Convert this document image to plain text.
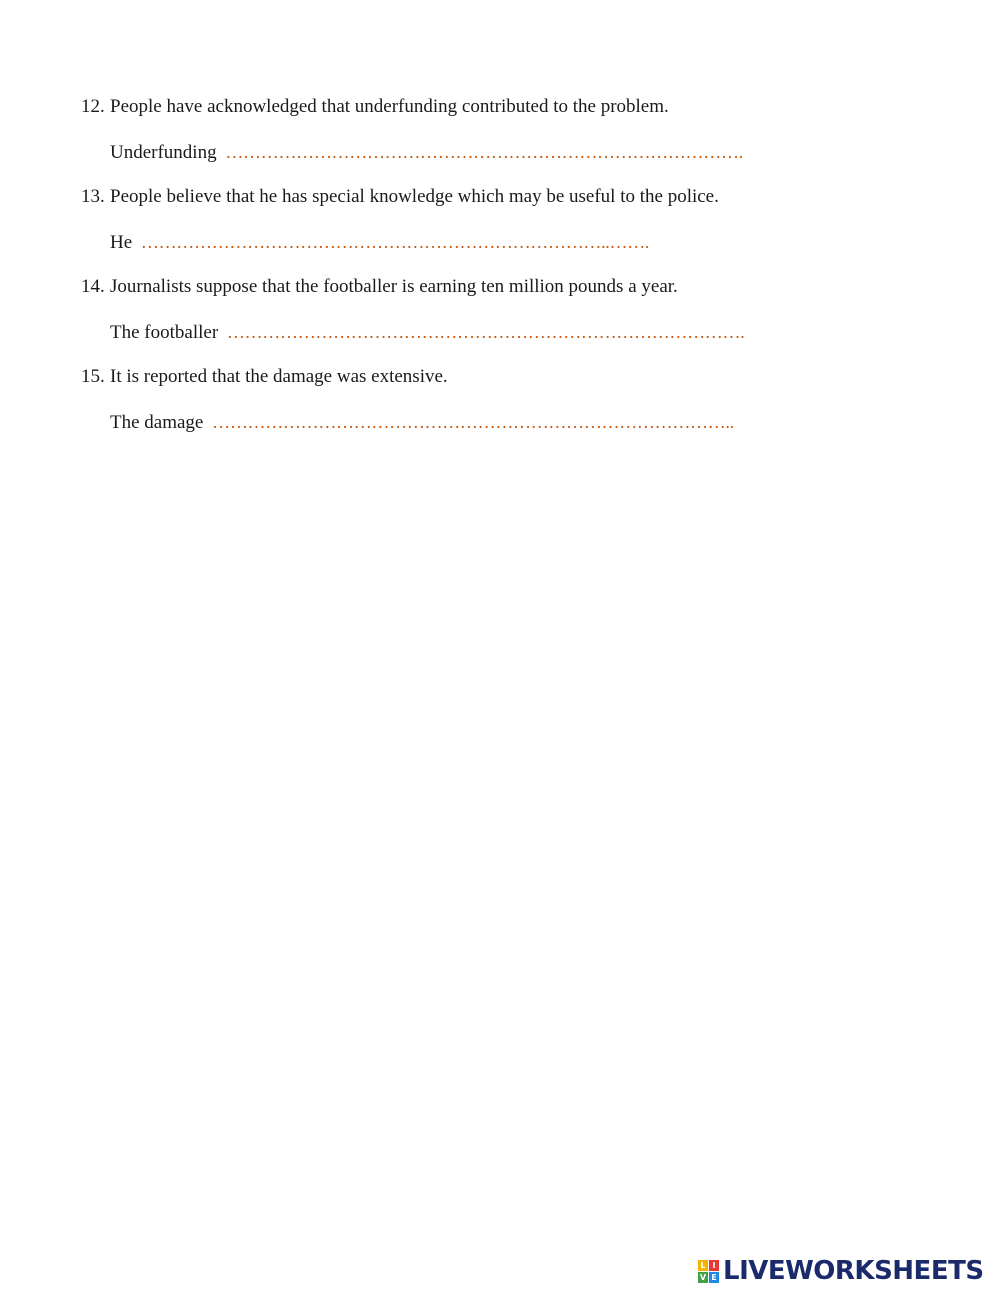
12. People have acknowledged that underfunding contributed to the problem.
Underfunding …………………………………………………………………………….
13. People believe that he has special knowledge which may be useful to the police.
He ……………………………………………………………………..…….
14. Journalists suppose that the footballer is earning ten million pounds a year.
The footballer …………………………………………………………………………….
15. It is reported that the damage was extensive.
The damage ……………………………………………………………………………..
L I
V E LIVEWORKSHEETS
